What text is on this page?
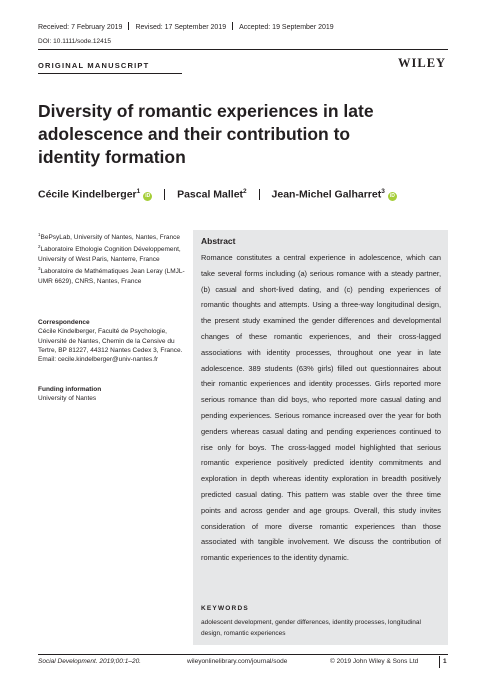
Received: 7 February 2019 Revised: 17 September 2019 Accepted: 19 September 2019
DOI: 10.1111/sode.12415
ORIGINAL MANUSCRIPT	WILEY
Diversity of romantic experiences in late adolescence and their contribution to identity formation
Cécile Kindelberger$^1$iD	Pascal Mallet$^2$ Jean-Michel Galharret$^3$iD
$^1$BePsyLab, University of Nantes, Nantes, France
$^2$Laboratoire Ethologie Cognition Développement, University of West Paris, Nanterre, France
$^3$Laboratoire de Mathématiques Jean Leray (LMJL-UMR 6629), CNRS, Nantes, France
Correspondence
Cécile Kindelberger, Faculté de Psychologie, Université de Nantes, Chemin de la Censive du Tertre, BP 81227, 44312 Nantes Cedex 3, France.
Email: cecile.kindelberger@univ-nantes.fr
Funding information
University of Nantes
Abstract
Romance constitutes a central experience in adolescence, which can take several forms including (a) serious romance with a steady partner, (b) casual and short-lived dating, and (c) pending experiences of romantic thoughts and attempts. Using a three-way longitudinal design, the present study examined the gender differences and developmental changes of these romantic experiences, and their cross-lagged associations with identity processes, throughout one year in late adolescence. 389 students (63% girls) filled out questionnaires about their romantic experiences and identity processes. Girls reported more serious romance than did boys, who reported more casual dating and pending experiences. Serious romance increased over the year for both genders whereas casual dating and pending experiences continued to rise only for boys. The cross-lagged model highlighted that serious romantic experience positively predicted identity commitments and exploration in depth whereas identity exploration in breadth positively predicted casual dating. This pattern was stable over the three time points and across gender and age groups. Overall, this study invites consideration of more diverse romantic experiences than those associated with tangible involvement. We discuss the contribution of romantic experiences to the identity dynamic.
KEYWORDS
adolescent development, gender differences, identity processes, longitudinal design, romantic experiences
Social Development. 2019;00:1–20.	wileyonlinelibrary.com/journal/sode	© 2019 John Wiley & Sons Ltd	1
